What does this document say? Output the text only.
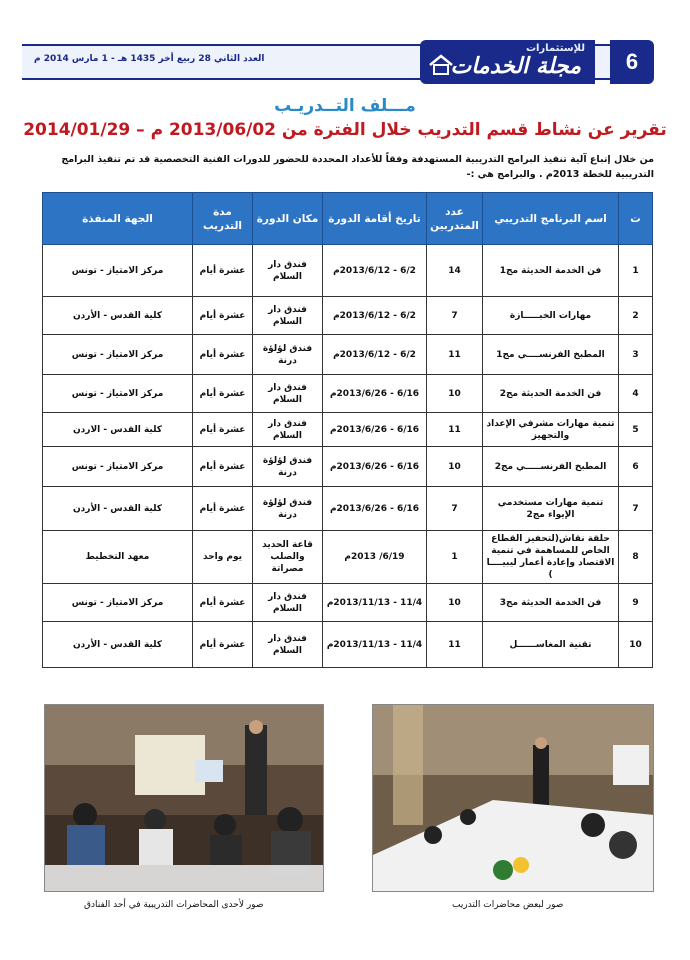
العدد الثاني 28 ربيع أخر 1435 هـ - 1 مارس 2014 م
للإستثمارات
مجلة الخدمات	6
مـــلف التــدريـب
تقرير عن نشاط قسم التدريب خلال الفترة من 2013/06/02 م – 2014/01/29
من خلال إتباع آلية تنفيذ البرامج التدريبية المستهدفة وفقاً للأعداد المحددة للحضور للدورات الفنية التخصصية قد تم تنفيذ البرامج التدريبية للخطة 2013م . والبرامج هي :-
ت	اسم البرنامج التدريبي	عدد المتدربين	تاريخ أقامة الدورة	مكان الدورة	مدة التدريب	الجهة المنفذة
1	فن الخدمة الحديثة مج1	14	6/2 - 2013/6/12م	فندق دار السلام	عشرة أيام	مركز الامتياز - تونس
2	مهارات الخبـــــازة	7	6/2 - 2013/6/12م	فندق دار السلام	عشرة أيام	كلية القدس - الأردن
3	المطبخ الفرنســــي مج1	11	6/2 - 2013/6/12م	فندق لؤلؤة درنة	عشرة أيام	مركز الامتياز - تونس
4	فن الخدمة الحديثة مج2	10	6/16 - 2013/6/26م	فندق دار السلام	عشرة أيام	مركز الامتياز - تونس
5	تنمية مهارات مشرفي الإعداد والتجهيز	11	6/16 - 2013/6/26م	فندق دار السلام	عشرة أيام	كلية القدس - الاردن
6	المطبخ الفرنســـــي مج2	10	6/16 - 2013/6/26م	فندق لؤلؤة درنة	عشرة أيام	مركز الامتياز - تونس
7	تنمية مهارات مستخدمي الإيواء مج2	7	6/16 - 2013/6/26م	فندق لؤلؤة درنة	عشرة أيام	كلية القدس - الأردن
8	حلقة نقاش(لتحفيز القطاع الخاص للمساهمة في تنمية الاقتصاد وإعادة أعمار ليبيــــا )	1	6/19/ 2013م	قاعة الحديد والصلب مصراتة	يوم واحد	معهد التخطيط
9	فن الخدمة الحديثة مج3	10	11/4 - 2013/11/13م	فندق دار السلام	عشرة أيام	مركز الامتياز - تونس
10	تقنية المغاســــــل	11	11/4 - 2013/11/13م	فندق دار السلام	عشرة أيام	كلية القدس - الأردن
صور لأحدى المحاضرات التدريبية في أحد الفنادق	صور لبعض محاضرات التدريب
